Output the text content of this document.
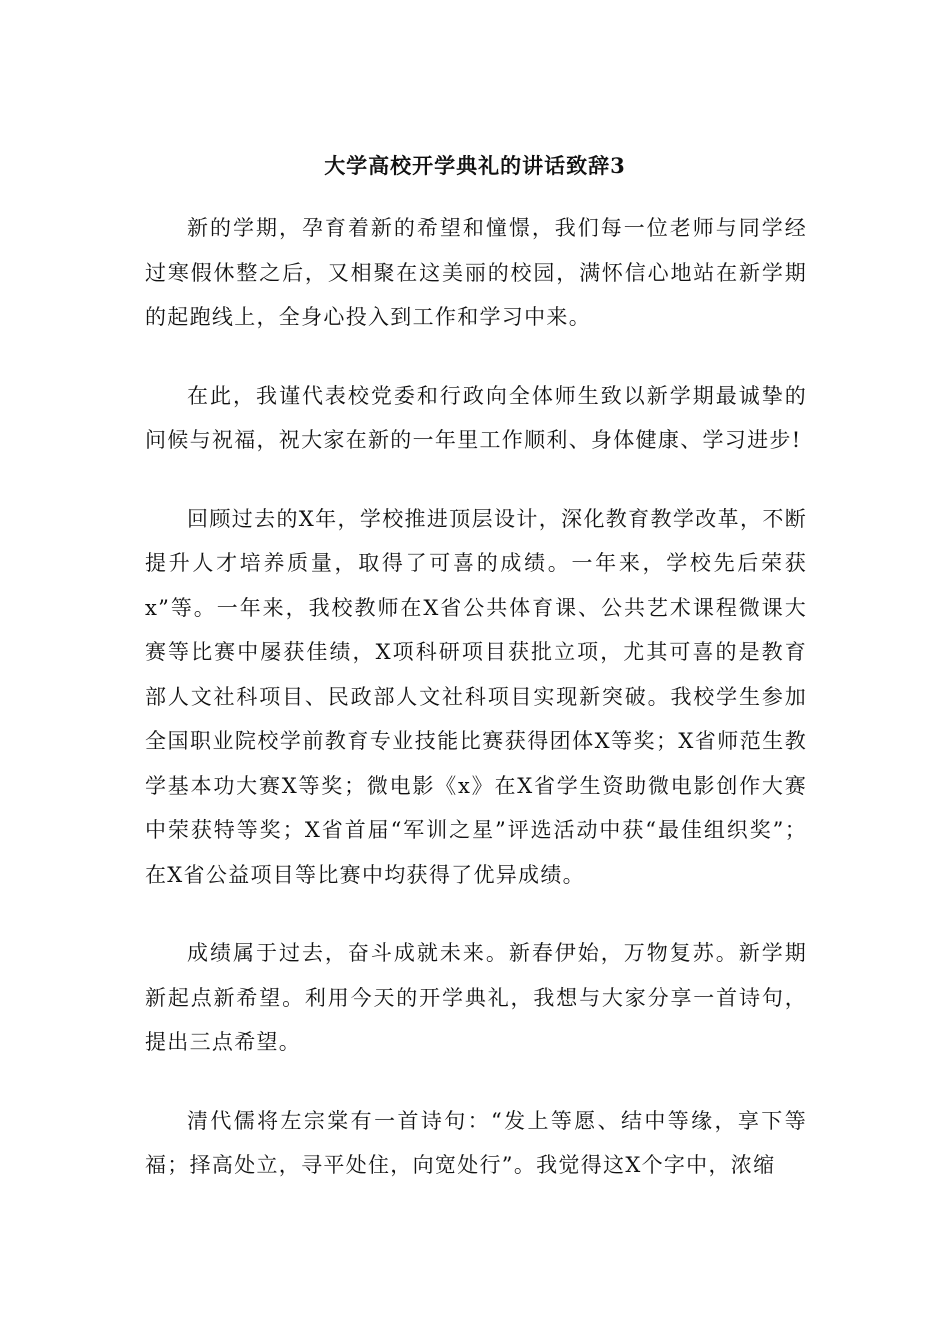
大学高校开学典礼的讲话致辞3

新的学期，孕育着新的希望和憧憬，我们每一位老师与同学经过寒假休整之后，又相聚在这美丽的校园，满怀信心地站在新学期的起跑线上，全身心投入到工作和学习中来。

在此，我谨代表校党委和行政向全体师生致以新学期最诚挚的问候与祝福，祝大家在新的一年里工作顺利、身体健康、学习进步!

回顾过去的X年，学校推进顶层设计，深化教育教学改革，不断提升人才培养质量，取得了可喜的成绩。一年来，学校先后荣获x”等。一年来，我校教师在X省公共体育课、公共艺术课程微课大赛等比赛中屡获佳绩，X项科研项目获批立项，尤其可喜的是教育部人文社科项目、民政部人文社科项目实现新突破。我校学生参加全国职业院校学前教育专业技能比赛获得团体X等奖；X省师范生教学基本功大赛X等奖；微电影《x》在X省学生资助微电影创作大赛中荣获特等奖；X省首届“军训之星”评选活动中获“最佳组织奖”；在X省公益项目等比赛中均获得了优异成绩。

成绩属于过去，奋斗成就未来。新春伊始，万物复苏。新学期新起点新希望。利用今天的开学典礼，我想与大家分享一首诗句，提出三点希望。

清代儒将左宗棠有一首诗句：“发上等愿、结中等缘，享下等福；择高处立，寻平处住，向宽处行”。我觉得这X个字中，浓缩
